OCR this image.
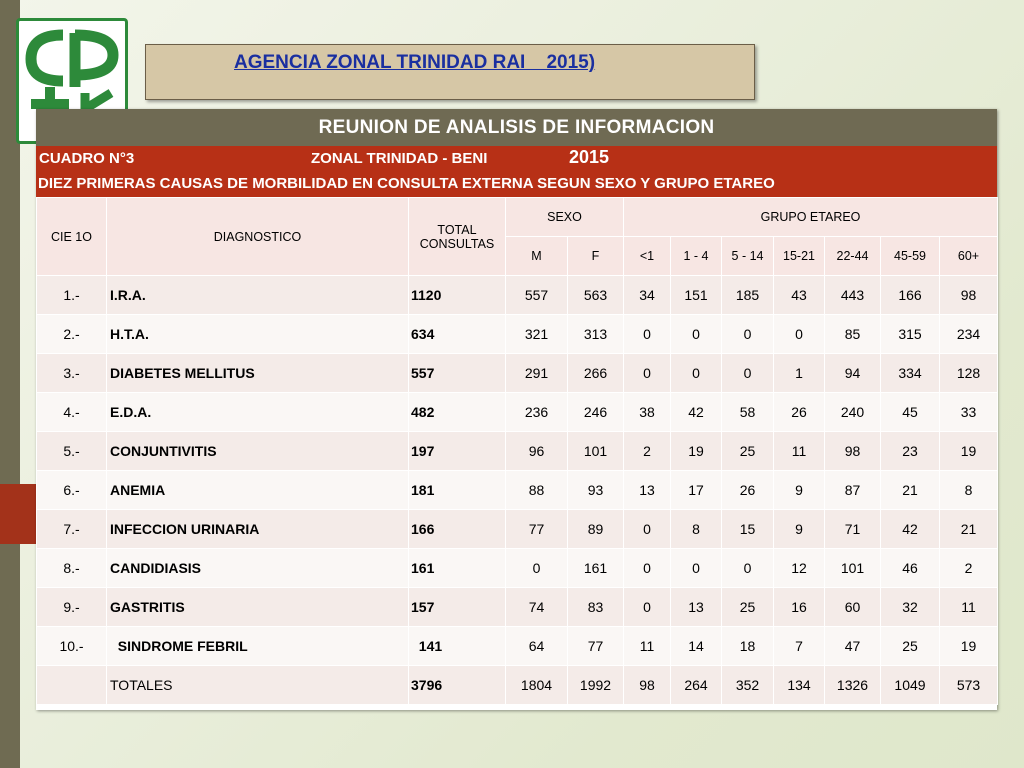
AGENCIA ZONAL TRINIDAD RAI    2015)
REUNION DE ANALISIS DE INFORMACION
CUADRO N°3	ZONAL TRINIDAD - BENI	2015
DIEZ PRIMERAS CAUSAS DE MORBILIDAD EN CONSULTA EXTERNA SEGUN SEXO Y GRUPO ETAREO
CIE 1O	DIAGNOSTICO	TOTAL CONSULTAS	SEXO		GRUPO ETAREO						
			M	F	<1	1 - 4	5 - 14	15-21	22-44	45-59	60+
1.-	I.R.A.	1120	557	563	34	151	185	43	443	166	98
2.-	H.T.A.	634	321	313	0	0	0	0	85	315	234
3.-	DIABETES MELLITUS	557	291	266	0	0	0	1	94	334	128
4.-	E.D.A.	482	236	246	38	42	58	26	240	45	33
5.-	CONJUNTIVITIS	197	96	101	2	19	25	11	98	23	19
6.-	ANEMIA	181	88	93	13	17	26	9	87	21	8
7.-	INFECCION URINARIA	166	77	89	0	8	15	9	71	42	21
8.-	CANDIDIASIS	161	0	161	0	0	0	12	101	46	2
9.-	GASTRITIS	157	74	83	0	13	25	16	60	32	11
10.-	SINDROME FEBRIL	141	64	77	11	14	18	7	47	25	19
	TOTALES	3796	1804	1992	98	264	352	134	1326	1049	573
